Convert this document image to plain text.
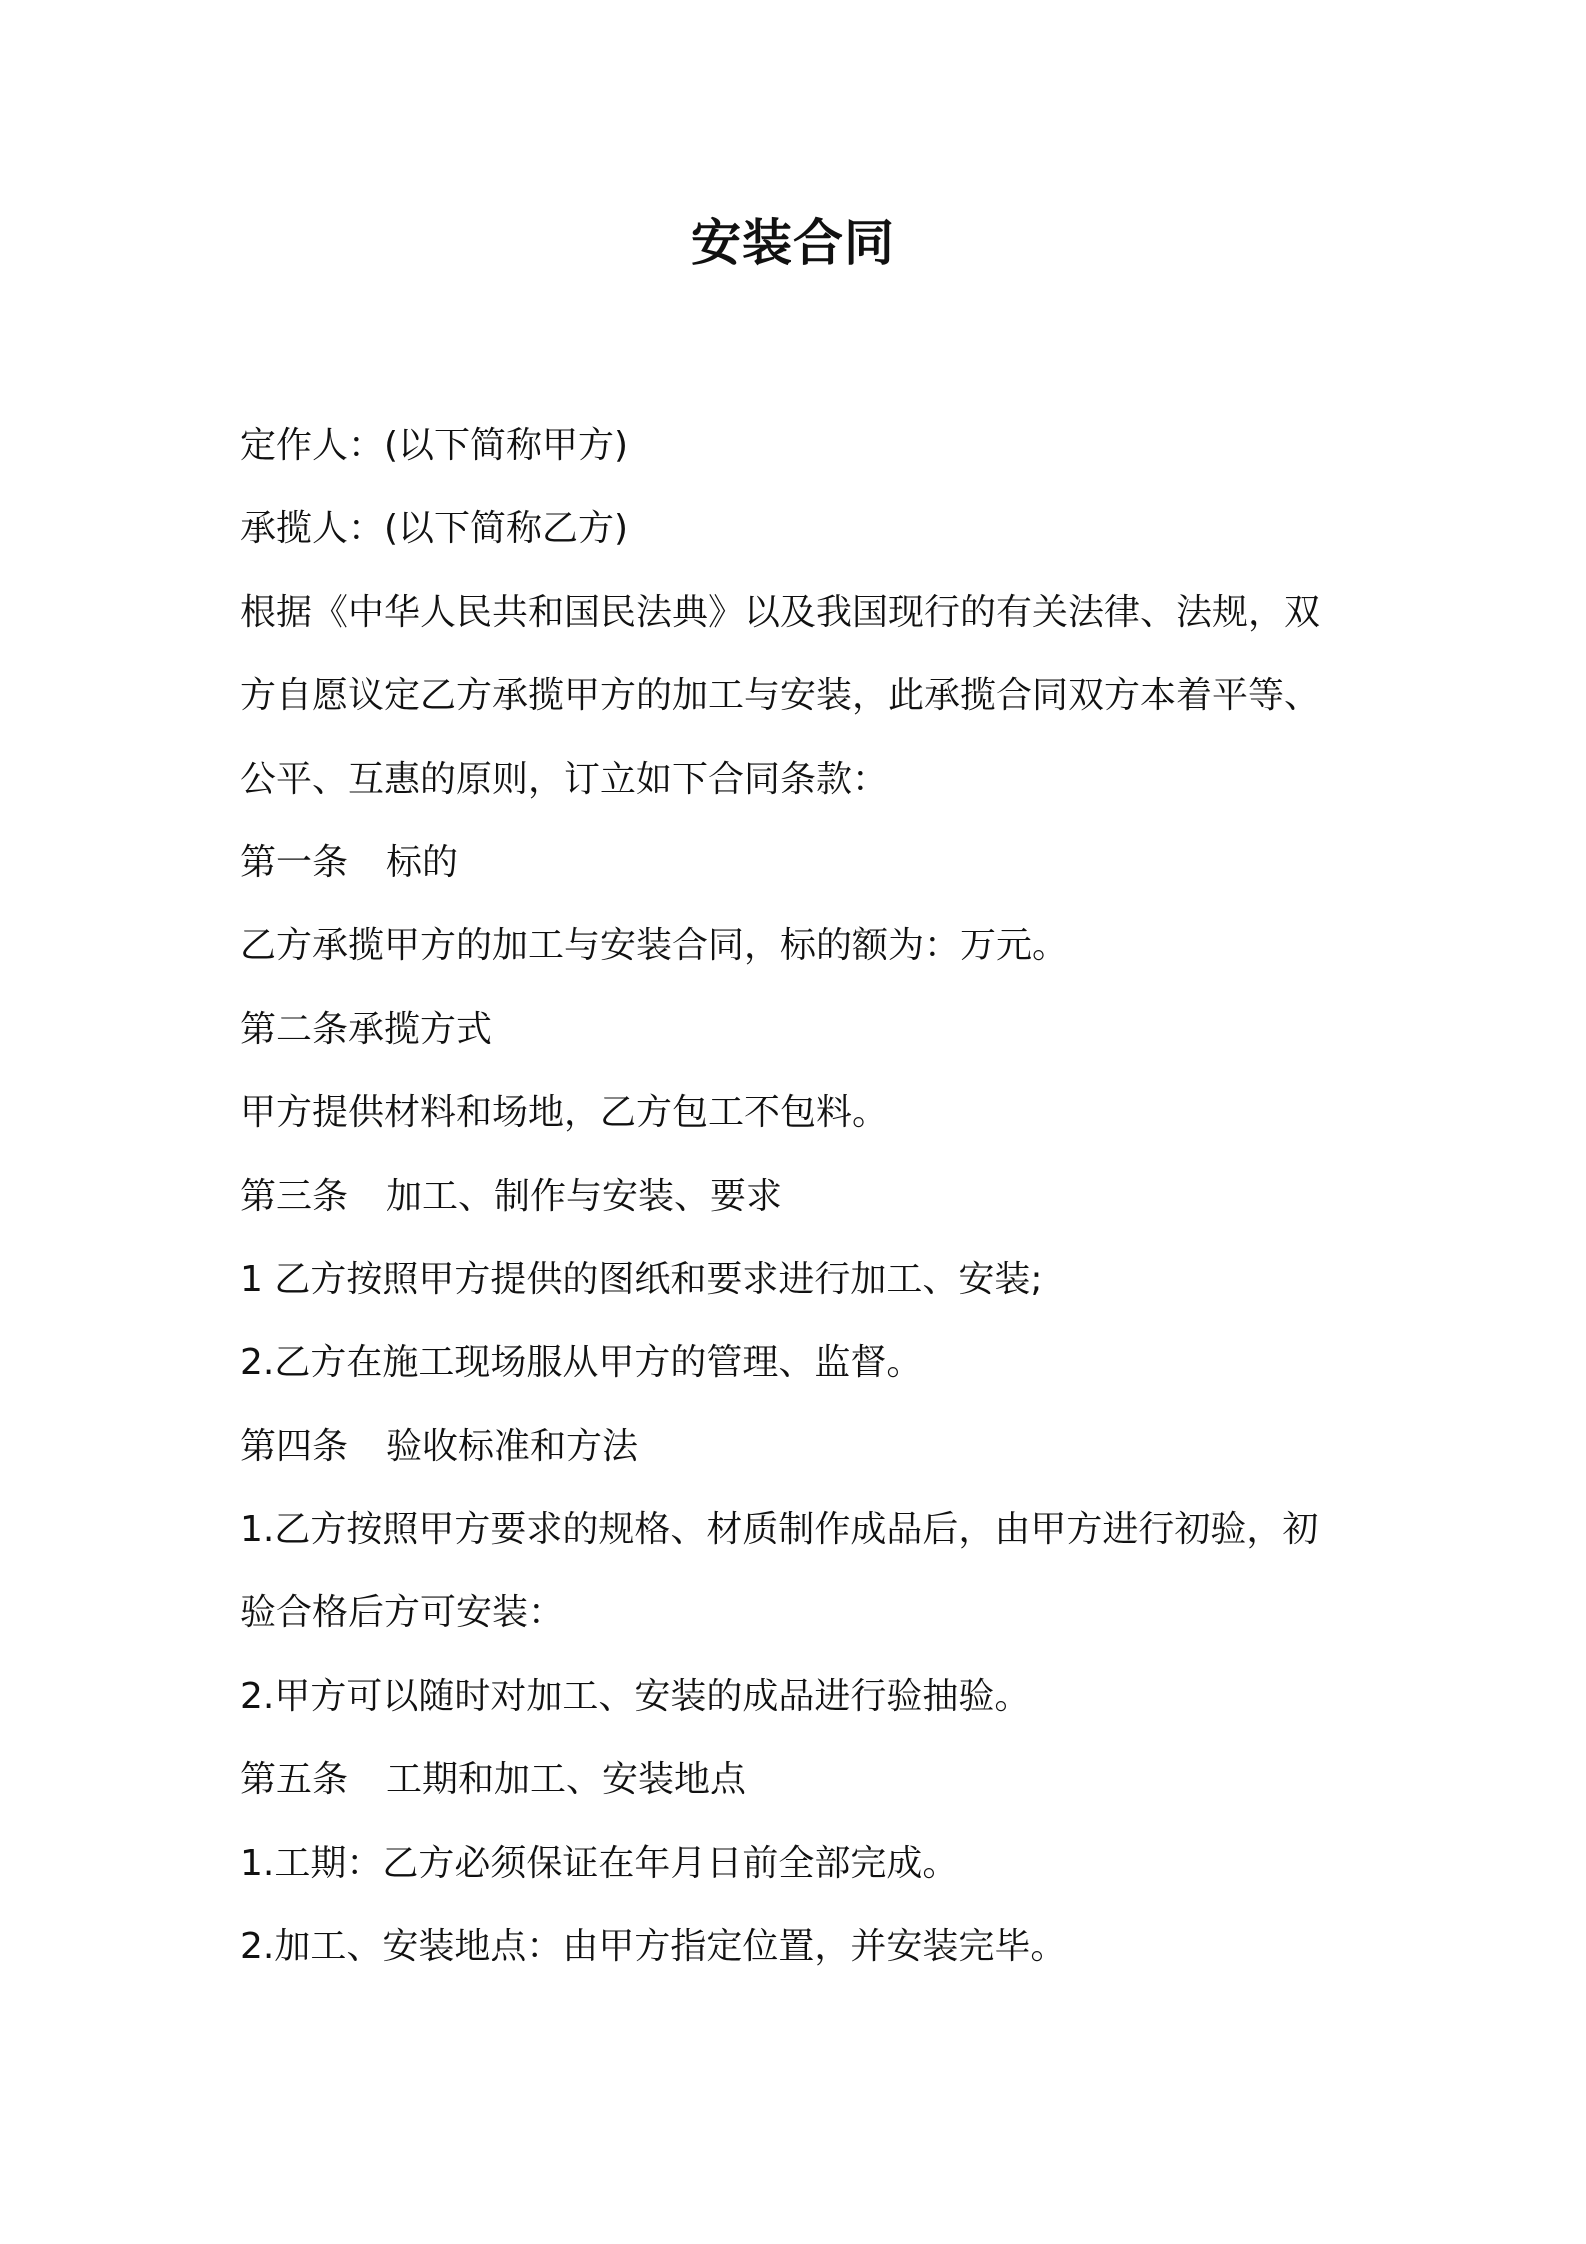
安装合同
定作人：(以下简称甲方)
承揽人：(以下简称乙方)
根据《中华人民共和国民法典》以及我国现行的有关法律、法规，双
方自愿议定乙方承揽甲方的加工与安装，此承揽合同双方本着平等、
公平、互惠的原则，订立如下合同条款：
第一条 标的
乙方承揽甲方的加工与安装合同，标的额为：万元。
第二条承揽方式
甲方提供材料和场地，乙方包工不包料。
第三条 加工、制作与安装、要求
1 乙方按照甲方提供的图纸和要求进行加工、安装;
2.乙方在施工现场服从甲方的管理、监督。
第四条 验收标准和方法
1.乙方按照甲方要求的规格、材质制作成品后，由甲方进行初验，初
验合格后方可安装：
2.甲方可以随时对加工、安装的成品进行验抽验。
第五条 工期和加工、安装地点
1.工期：乙方必须保证在年月日前全部完成。
2.加工、安装地点：由甲方指定位置，并安装完毕。
